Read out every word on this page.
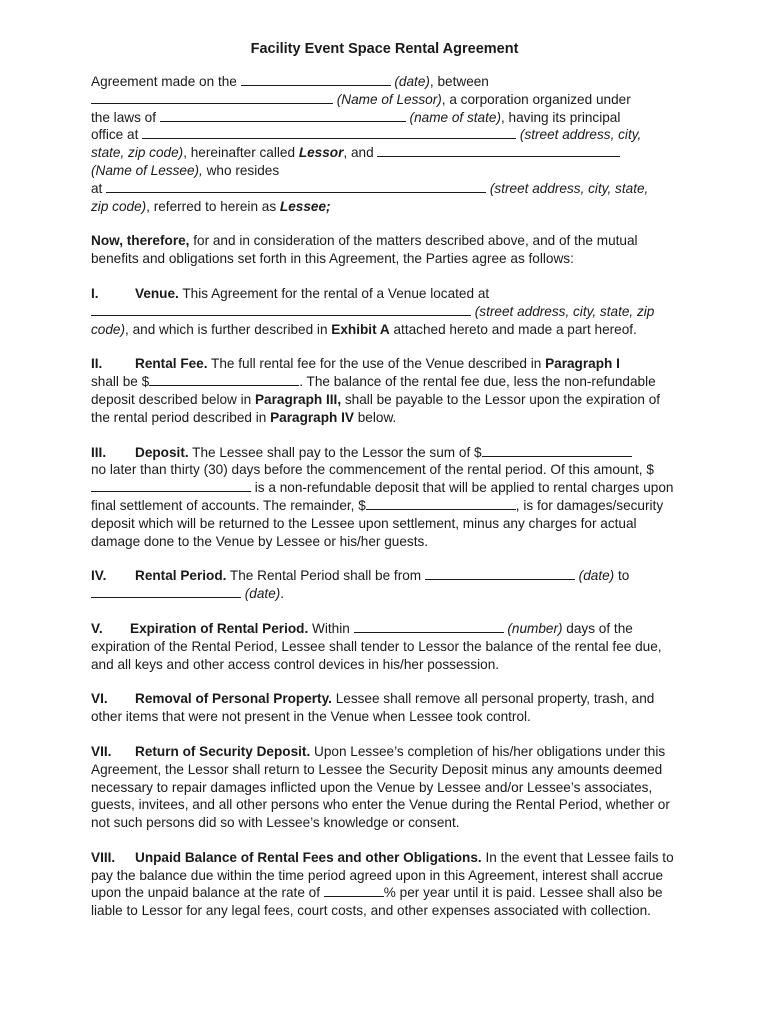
Facility Event Space Rental Agreement

Agreement made on the	(date), between
(Name of Lessor), a corporation organized under
the laws of	(name of state), having its principal
office at	(street address, city,
state, zip code), hereinafter called Lessor, and
(Name of Lessee), who resides
at	(street address, city, state,
zip code), referred to herein as Lessee;

Now, therefore, for and in consideration of the matters described above, and of the mutual benefits and obligations set forth in this Agreement, the Parties agree as follows:

I.	Venue. This Agreement for the rental of a Venue located at
(street address, city, state, zip
code), and which is further described in Exhibit A attached hereto and made a part hereof.

II. Rental Fee. The full rental fee for the use of the Venue described in Paragraph I
shall be $	. The balance of the rental fee due, less the non-refundable deposit described below in Paragraph III, shall be payable to the Lessor upon the expiration of the rental period described in Paragraph IV below.

III. Deposit. The Lessee shall pay to the Lessor the sum of $
no later than thirty (30) days before the commencement of the rental period. Of this amount, $ is a non-refundable deposit that will be applied to rental charges upon final settlement of accounts. The remainder, $	, is for damages/security deposit which will be returned to the Lessee upon settlement, minus any charges for actual damage done to the Venue by Lessee or his/her guests.

IV. Rental Period. The Rental Period shall be from	(date) to
(date).

V. Expiration of Rental Period. Within	(number) days of the expiration of the Rental Period, Lessee shall tender to Lessor the balance of the rental fee due, and all keys and other access control devices in his/her possession.

VI. Removal of Personal Property. Lessee shall remove all personal property, trash, and other items that were not present in the Venue when Lessee took control.

VII. Return of Security Deposit. Upon Lessee’s completion of his/her obligations under this Agreement, the Lessor shall return to Lessee the Security Deposit minus any amounts deemed necessary to repair damages inflicted upon the Venue by Lessee and/or Lessee’s associates, guests, invitees, and all other persons who enter the Venue during the Rental Period, whether or not such persons did so with Lessee’s knowledge or consent.

VIII. Unpaid Balance of Rental Fees and other Obligations. In the event that Lessee fails to pay the balance due within the time period agreed upon in this Agreement, interest shall accrue upon the unpaid balance at the rate of	% per year until it is paid. Lessee shall also be liable to Lessor for any legal fees, court costs, and other expenses associated with collection.
